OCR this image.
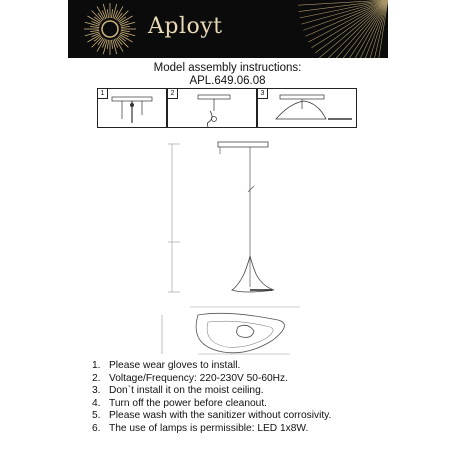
Aployt
Model assembly instructions:
APL.649.06.08
1	2	3
1. Please wear gloves to install.
2. Voltage/Frequency: 220-230V 50-60Hz.
3. Don`t install it on the moist ceiling.
4. Turn off the power before cleanout.
5. Please wash with the sanitizer without corrosivity.
6. The use of lamps is permissible: LED 1x8W.
